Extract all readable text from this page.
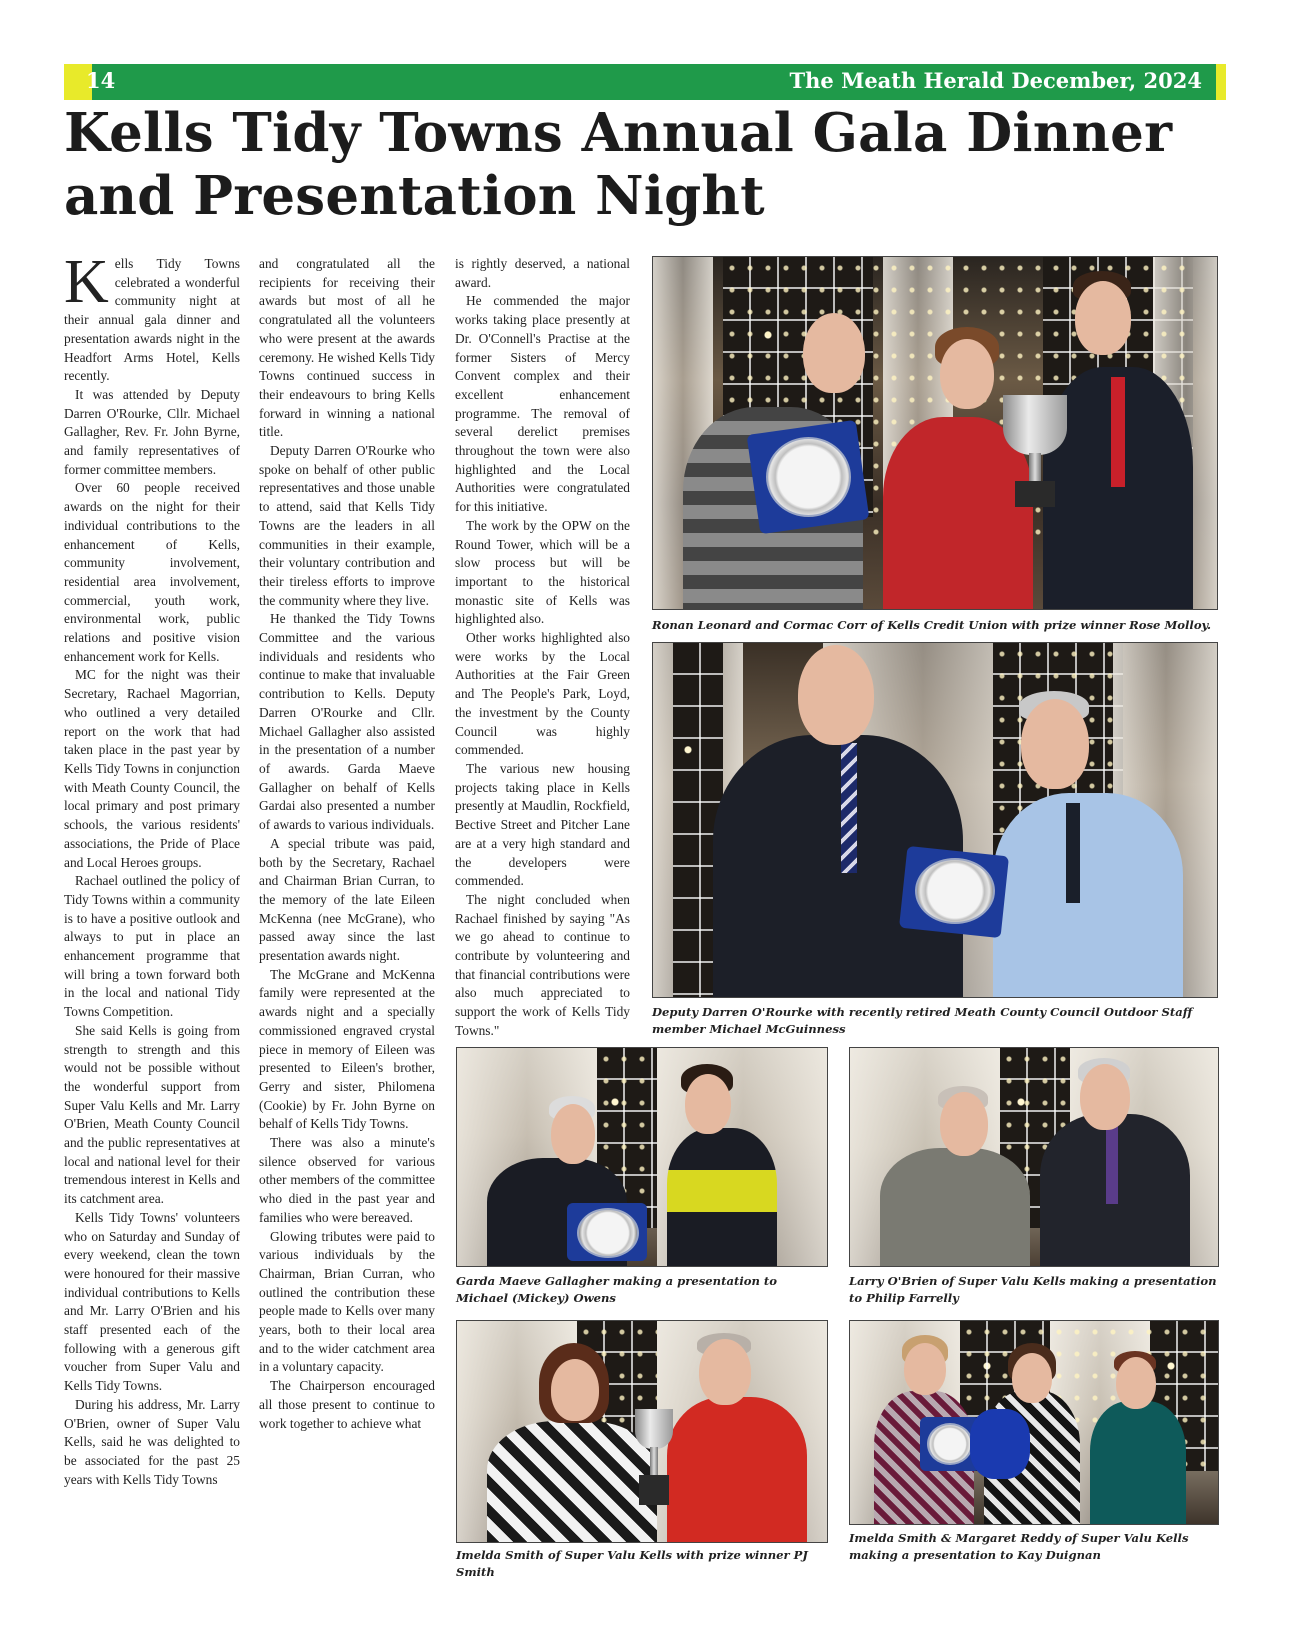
14	The Meath Herald December, 2024
Kells Tidy Towns Annual Gala Dinner and Presentation Night

Kells Tidy Towns celebrated a wonderful community night at their annual gala dinner and presentation awards night in the Headfort Arms Hotel, Kells recently.

It was attended by Deputy Darren O'Rourke, Cllr. Michael Gallagher, Rev. Fr. John Byrne, and family representatives of former committee members.

Over 60 people received awards on the night for their individual contributions to the enhancement of Kells, community involvement, residential area involvement, commercial, youth work, environmental work, public relations and positive vision enhancement work for Kells.

MC for the night was their Secretary, Rachael Magorrian, who outlined a very detailed report on the work that had taken place in the past year by Kells Tidy Towns in conjunction with Meath County Council, the local primary and post primary schools, the various residents' associations, the Pride of Place and Local Heroes groups.

Rachael outlined the policy of Tidy Towns within a community is to have a positive outlook and always to put in place an enhancement programme that will bring a town forward both in the local and national Tidy Towns Competition.

She said Kells is going from strength to strength and this would not be possible without the wonderful support from Super Valu Kells and Mr. Larry O'Brien, Meath County Council and the public representatives at local and national level for their tremendous interest in Kells and its catchment area.

Kells Tidy Towns' volunteers who on Saturday and Sunday of every weekend, clean the town were honoured for their massive individual contributions to Kells and Mr. Larry O'Brien and his staff presented each of the following with a generous gift voucher from Super Valu and Kells Tidy Towns.

During his address, Mr. Larry O'Brien, owner of Super Valu Kells, said he was delighted to be associated for the past 25 years with Kells Tidy Towns

and congratulated all the recipients for receiving their awards but most of all he congratulated all the volunteers who were present at the awards ceremony. He wished Kells Tidy Towns continued success in their endeavours to bring Kells forward in winning a national title.

Deputy Darren O'Rourke who spoke on behalf of other public representatives and those unable to attend, said that Kells Tidy Towns are the leaders in all communities in their example, their voluntary contribution and their tireless efforts to improve the community where they live.

He thanked the Tidy Towns Committee and the various individuals and residents who continue to make that invaluable contribution to Kells. Deputy Darren O'Rourke and Cllr. Michael Gallagher also assisted in the presentation of a number of awards. Garda Maeve Gallagher on behalf of Kells Gardai also presented a number of awards to various individuals.

A special tribute was paid, both by the Secretary, Rachael and Chairman Brian Curran, to the memory of the late Eileen McKenna (nee McGrane), who passed away since the last presentation awards night.

The McGrane and McKenna family were represented at the awards night and a specially commissioned engraved crystal piece in memory of Eileen was presented to Eileen's brother, Gerry and sister, Philomena (Cookie) by Fr. John Byrne on behalf of Kells Tidy Towns.

There was also a minute's silence observed for various other members of the committee who died in the past year and families who were bereaved.

Glowing tributes were paid to various individuals by the Chairman, Brian Curran, who outlined the contribution these people made to Kells over many years, both to their local area and to the wider catchment area in a voluntary capacity.

The Chairperson encouraged all those present to continue to work together to achieve what

is rightly deserved, a national award.

He commended the major works taking place presently at Dr. O'Connell's Practise at the former Sisters of Mercy Convent complex and their excellent enhancement programme. The removal of several derelict premises throughout the town were also highlighted and the Local Authorities were congratulated for this initiative.

The work by the OPW on the Round Tower, which will be a slow process but will be important to the historical monastic site of Kells was highlighted also.

Other works highlighted also were works by the Local Authorities at the Fair Green and The People's Park, Loyd, the investment by the County Council was highly commended.

The various new housing projects taking place in Kells presently at Maudlin, Rockfield, Bective Street and Pitcher Lane are at a very high standard and the developers were commended.

The night concluded when Rachael finished by saying "As we go ahead to continue to contribute by volunteering and that financial contributions were also much appreciated to support the work of Kells Tidy Towns."

Ronan Leonard and Cormac Corr of Kells Credit Union with prize winner Rose Molloy.
Deputy Darren O'Rourke with recently retired Meath County Council Outdoor Staff member Michael McGuinness
Garda Maeve Gallagher making a presentation to Michael (Mickey) Owens
Larry O'Brien of Super Valu Kells making a presentation to Philip Farrelly
Imelda Smith of Super Valu Kells with prize winner PJ Smith
Imelda Smith & Margaret Reddy of Super Valu Kells making a presentation to Kay Duignan
